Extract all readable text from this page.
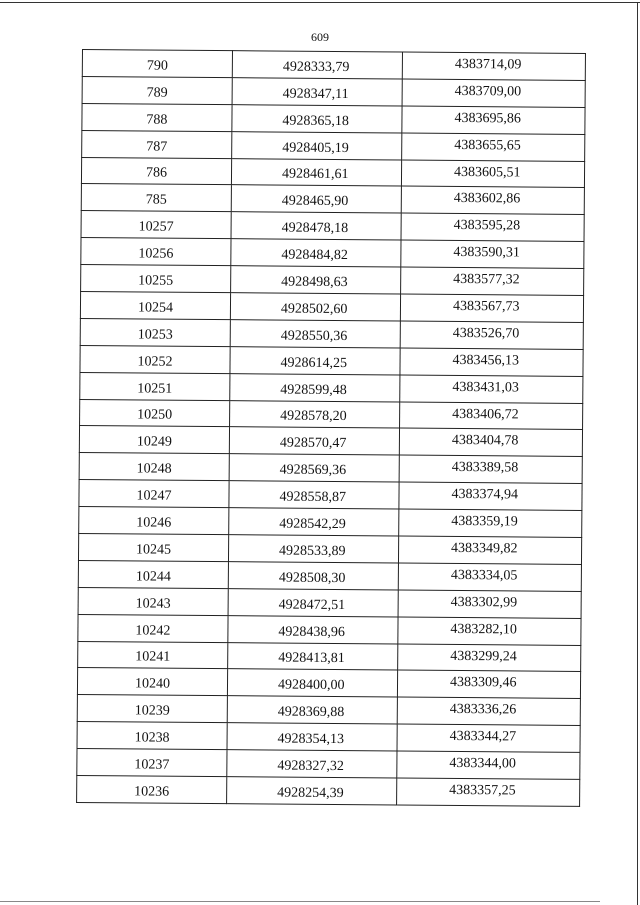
609
790	4928333,79	4383714,09
789	4928347,11	4383709,00
788	4928365,18	4383695,86
787	4928405,19	4383655,65
786	4928461,61	4383605,51
785	4928465,90	4383602,86
10257	4928478,18	4383595,28
10256	4928484,82	4383590,31
10255	4928498,63	4383577,32
10254	4928502,60	4383567,73
10253	4928550,36	4383526,70
10252	4928614,25	4383456,13
10251	4928599,48	4383431,03
10250	4928578,20	4383406,72
10249	4928570,47	4383404,78
10248	4928569,36	4383389,58
10247	4928558,87	4383374,94
10246	4928542,29	4383359,19
10245	4928533,89	4383349,82
10244	4928508,30	4383334,05
10243	4928472,51	4383302,99
10242	4928438,96	4383282,10
10241	4928413,81	4383299,24
10240	4928400,00	4383309,46
10239	4928369,88	4383336,26
10238	4928354,13	4383344,27
10237	4928327,32	4383344,00
10236	4928254,39	4383357,25
